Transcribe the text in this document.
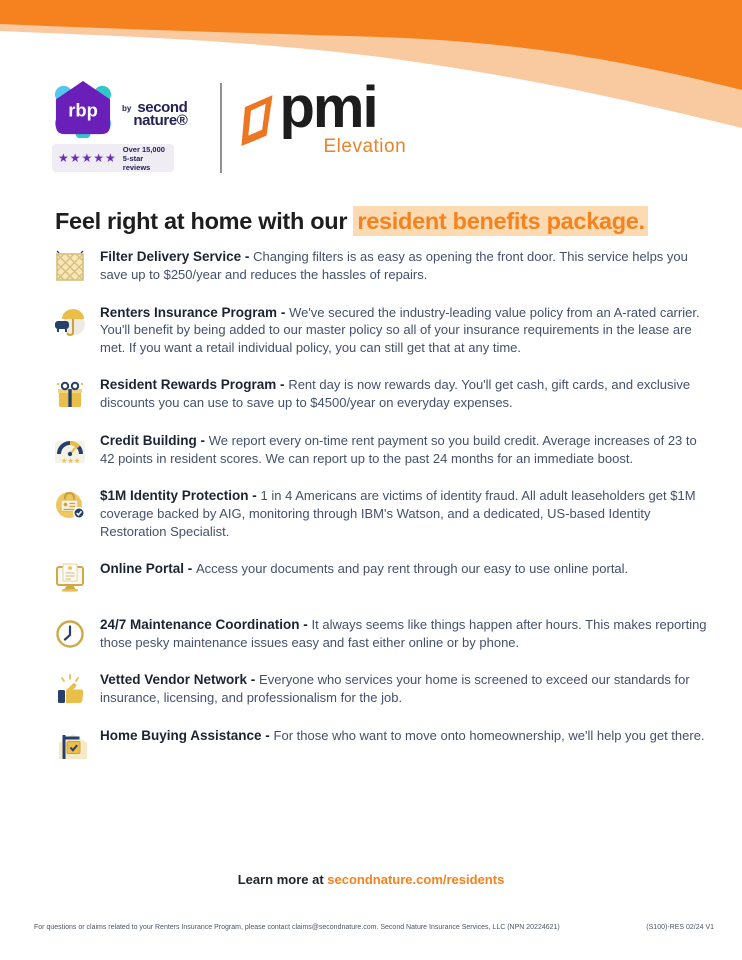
rbp	by second
nature®
★★★★★
Over 15,000
5-star reviews
pmi
Elevation
Feel right at home with our resident benefits package.

Filter Delivery Service - Changing filters is as easy as opening the front door. This service helps you save up to $250/year and reduces the hassles of repairs.

Renters Insurance Program - We've secured the industry-leading value policy from an A-rated carrier. You'll benefit by being added to our master policy so all of your insurance requirements in the lease are met. If you want a retail individual policy, you can still get that at any time.

Resident Rewards Program - Rent day is now rewards day. You'll get cash, gift cards, and exclusive discounts you can use to save up to $4500/year on everyday expenses.

★ ★ ★

Credit Building - We report every on-time rent payment so you build credit. Average increases of 23 to 42 points in resident scores. We can report up to the past 24 months for an immediate boost.

$1M Identity Protection - 1 in 4 Americans are victims of identity fraud. All adult leaseholders get $1M coverage backed by AIG, monitoring through IBM's Watson, and a dedicated, US-based Identity Restoration Specialist.

Online Portal - Access your documents and pay rent through our easy to use online portal.

24/7 Maintenance Coordination - It always seems like things happen after hours. This makes reporting those pesky maintenance issues easy and fast either online or by phone.

Vetted Vendor Network - Everyone who services your home is screened to exceed our standards for insurance, licensing, and professionalism for the job.

Home Buying Assistance - For those who want to move onto homeownership, we'll help you get there.

Learn more at secondnature.com/residents
For questions or claims related to your Renters Insurance Program, please contact claims@secondnature.com. Second Nature Insurance Services, LLC (NPN 20224621)	(S100)-RES 02/24 V1
